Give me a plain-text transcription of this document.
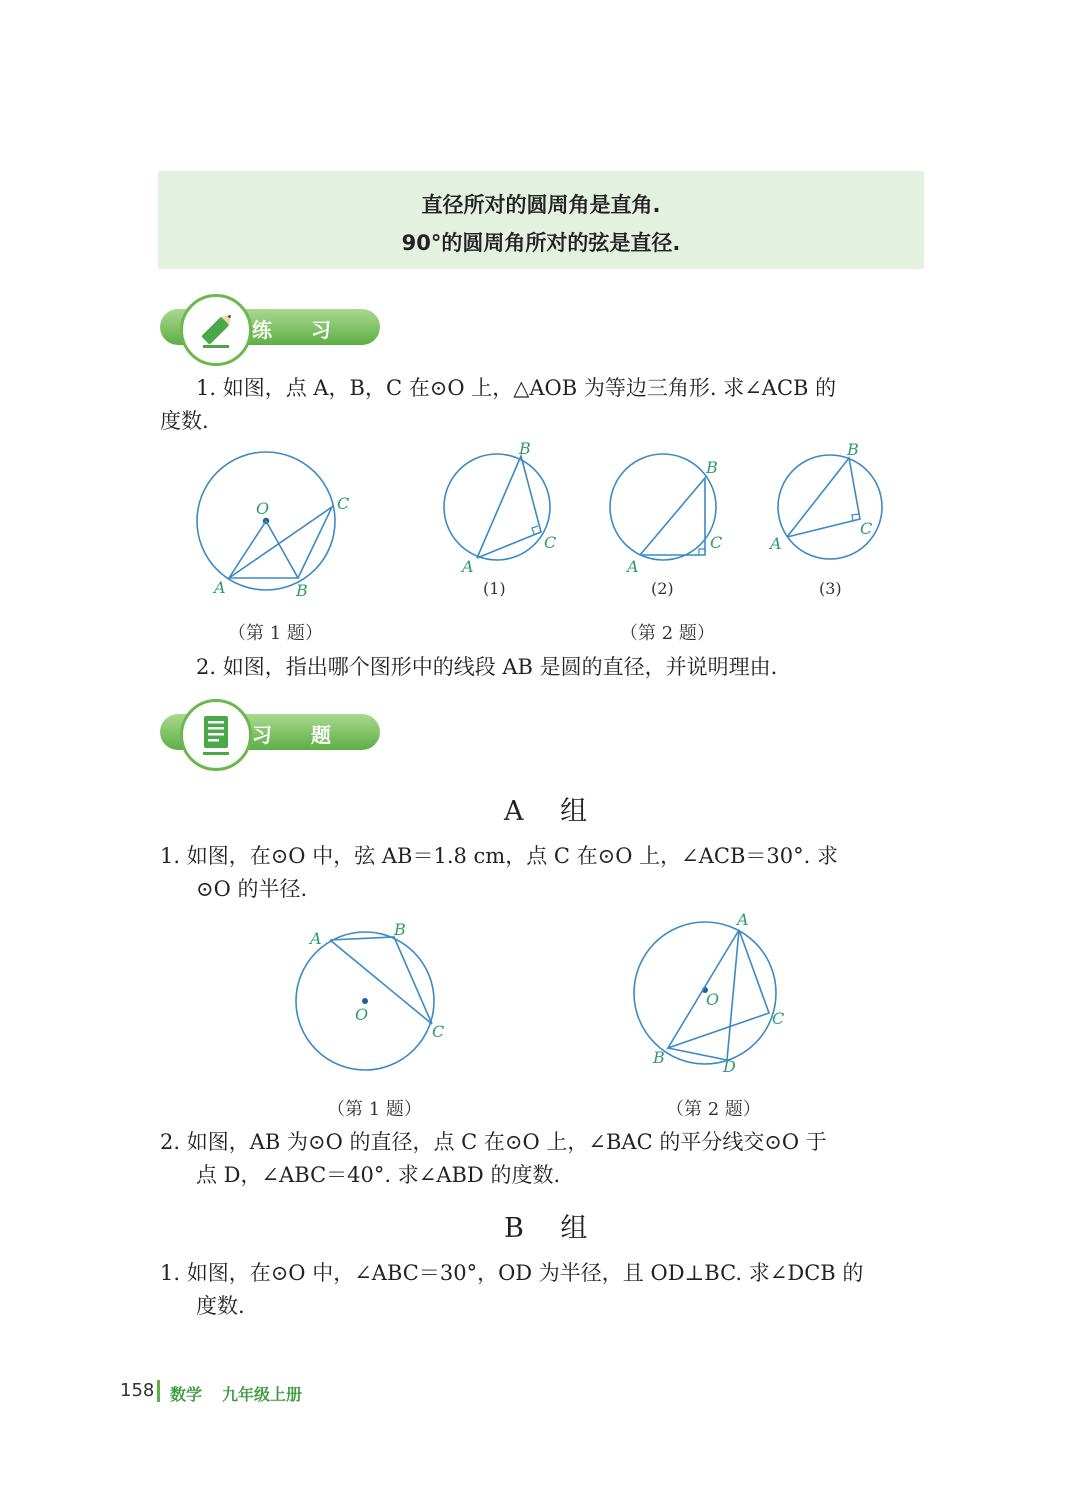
直径所对的圆周角是直角.
90°的圆周角所对的弦是直径.
练 习
1. 如图，点 A，B，C 在⊙O 上，△AOB 为等边三角形. 求∠ACB 的
度数.
O
A	B
C
B
A
C
B
A
C
B
A
C
(1)	(2)	(3)
A	B
C
O
A
O
C
B	D
（第 1 题）	（第 2 题）
2. 如图，指出哪个图形中的线段 AB 是圆的直径，并说明理由.
习 题
A 组
1. 如图，在⊙O 中，弦 AB＝1.8 cm，点 C 在⊙O 上，∠ACB＝30°. 求
⊙O 的半径.
（第 1 题）	（第 2 题）
2. 如图，AB 为⊙O 的直径，点 C 在⊙O 上，∠BAC 的平分线交⊙O 于
点 D，∠ABC＝40°. 求∠ABD 的度数.
B 组
1. 如图，在⊙O 中，∠ABC＝30°，OD 为半径，且 OD⊥BC. 求∠DCB 的
度数.
158 数学 九年级上册
